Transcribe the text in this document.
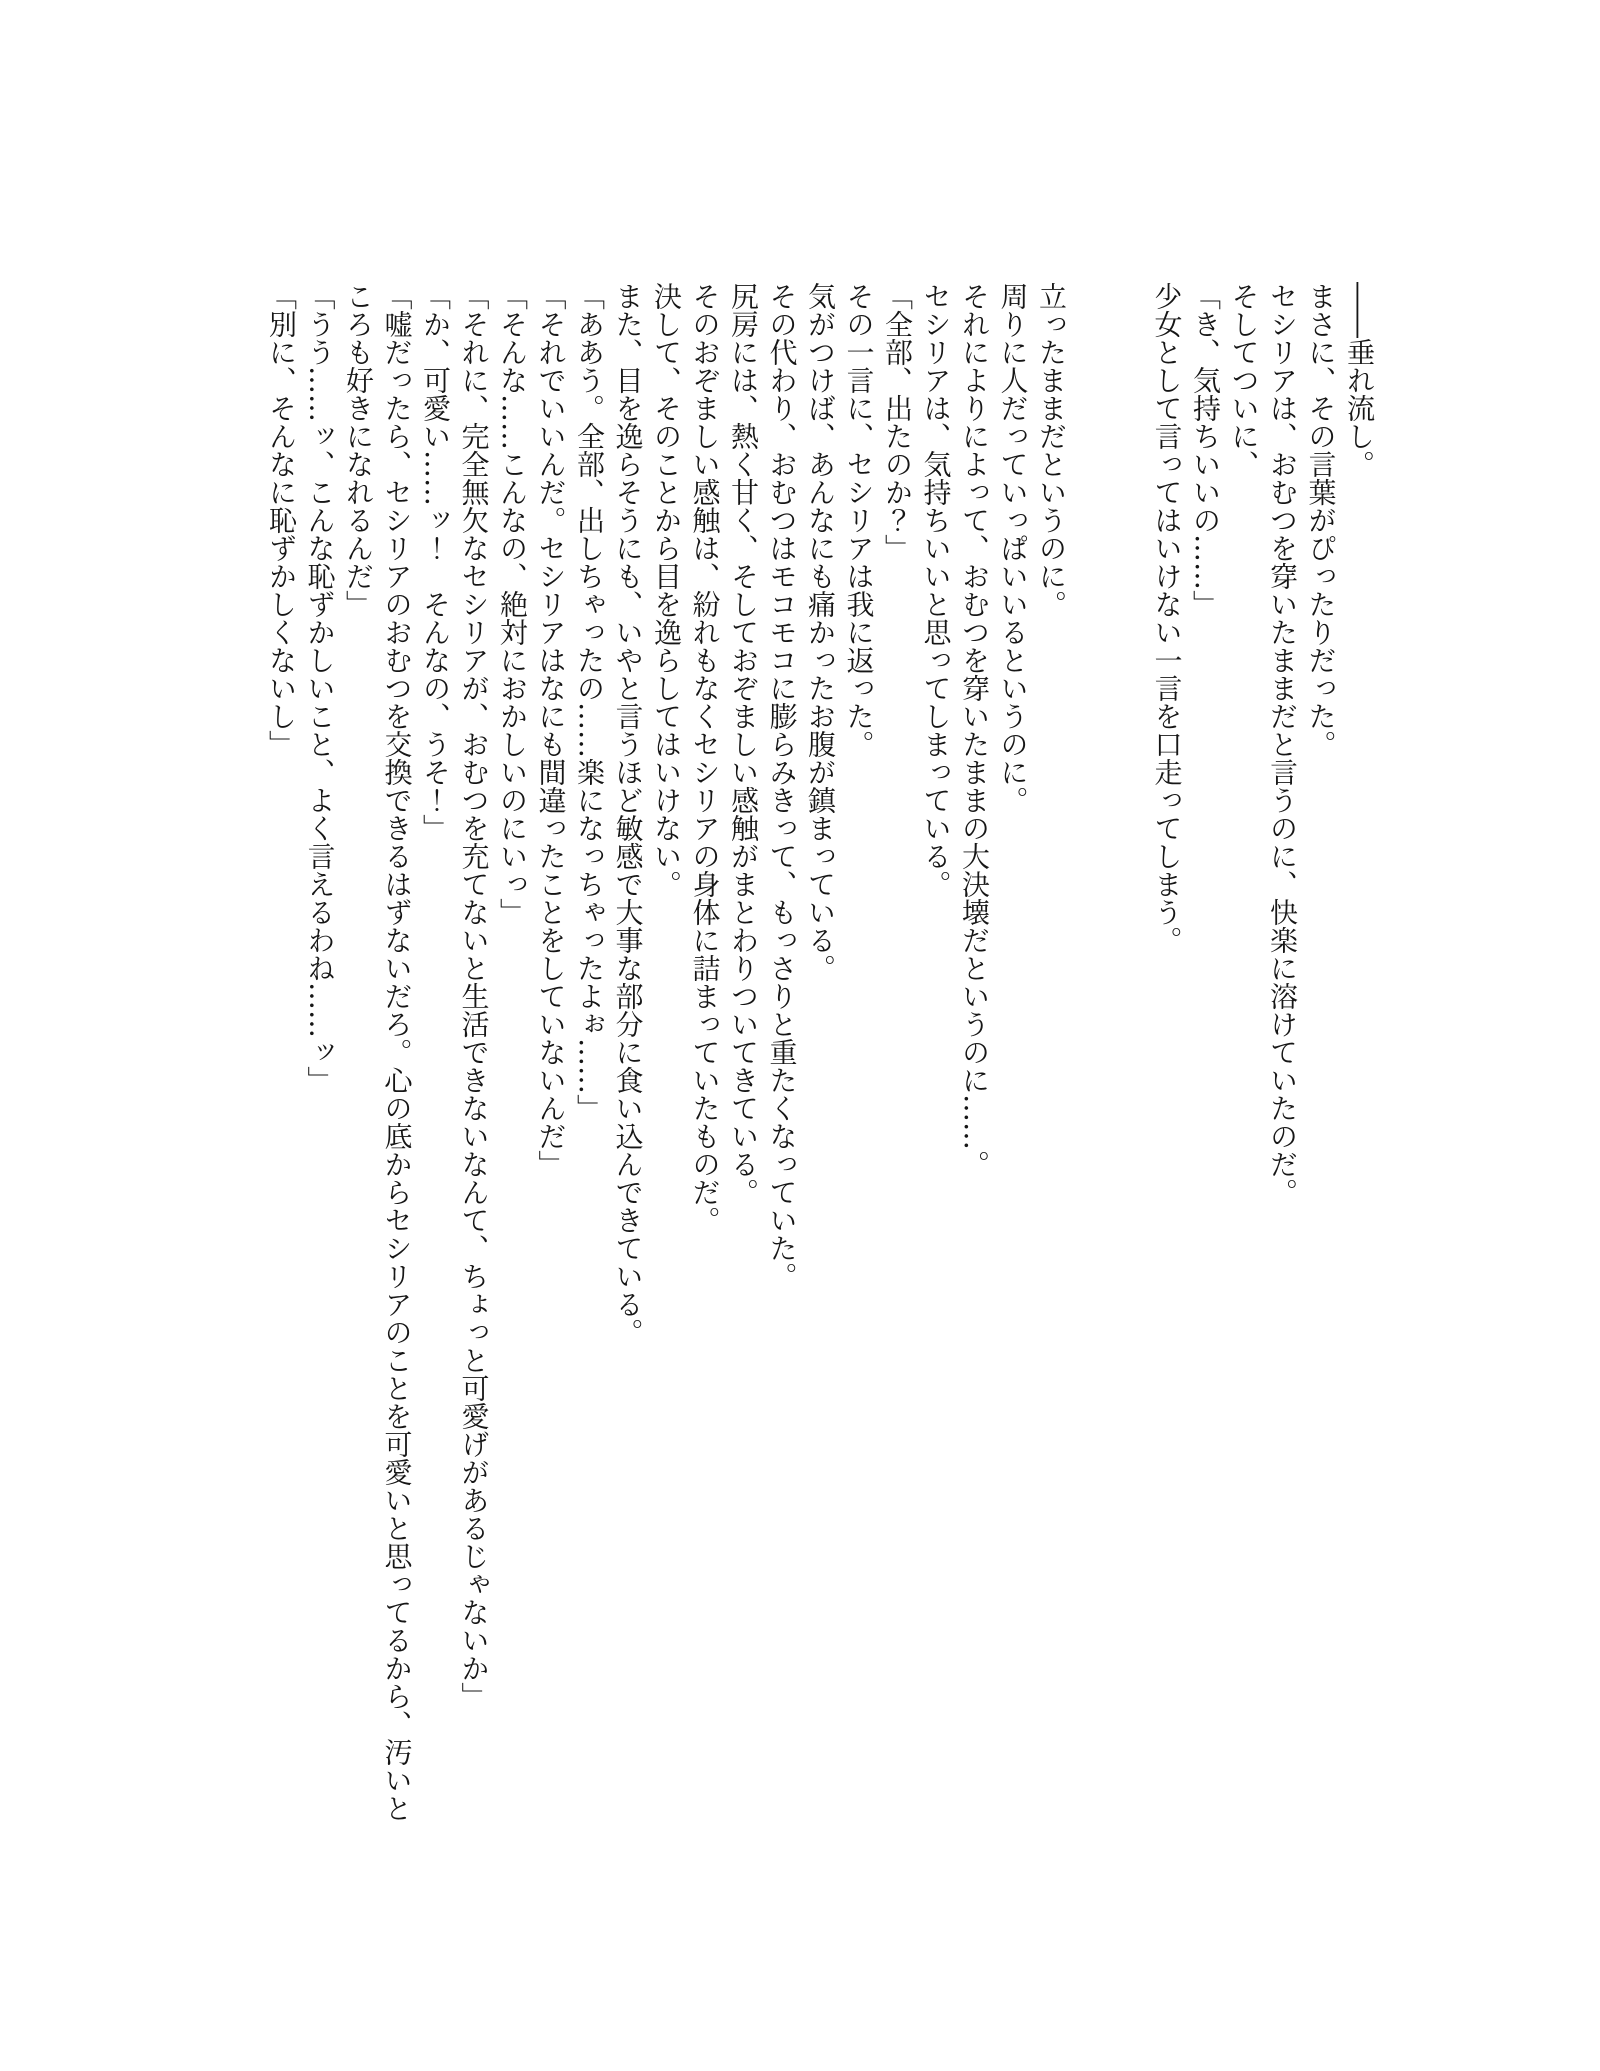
――垂れ流し。
まさに、その言葉がぴったりだった。
セシリアは、おむつを穿いたままだと言うのに、快楽に溶けていたのだ。
そしてついに、
「き、気持ちいいの……」
少女として言ってはいけない一言を口走ってしまう。
立ったままだというのに。
周りに人だっていっぱいいるというのに。
それによりによって、おむつを穿いたままの大決壊だというのに……。
セシリアは、気持ちいいと思ってしまっている。
「全部、出たのか？」
その一言に、セシリアは我に返った。
気がつけば、あんなにも痛かったお腹が鎮まっている。
その代わり、おむつはモコモコに膨らみきって、もっさりと重たくなっていた。
尻房には、熱く甘く、そしておぞましい感触がまとわりついてきている。
そのおぞましい感触は、紛れもなくセシリアの身体に詰まっていたものだ。
決して、そのことから目を逸らしてはいけない。
また、目を逸らそうにも、いやと言うほど敏感で大事な部分に食い込んできている。
「ああう。全部、出しちゃったの……楽になっちゃったよぉ……」
「それでいいんだ。セシリアはなにも間違ったことをしていないんだ」
「そんな……こんなの、絶対におかしいのにいっ」
「それに、完全無欠なセシリアが、おむつを充てないと生活できないなんて、ちょっと可愛げがあるじゃないか」
「か、可愛い……ッ！　そんなの、うそ！」
「嘘だったら、セシリアのおむつを交換できるはずないだろ。心の底からセシリアのことを可愛いと思ってるから、汚いと
ころも好きになれるんだ」
「うう……ッ、こんな恥ずかしいこと、よく言えるわね……ッ」
「別に、そんなに恥ずかしくないし」
